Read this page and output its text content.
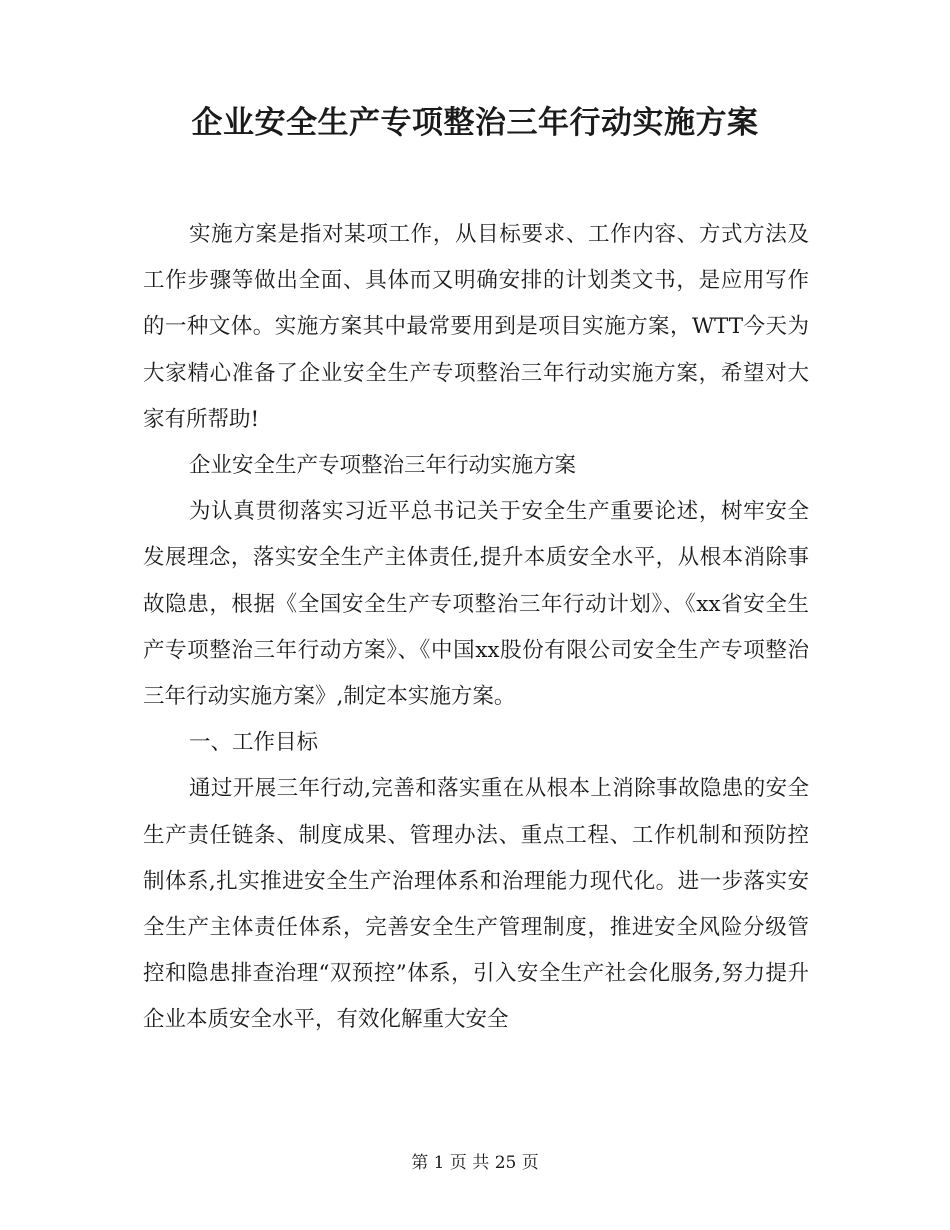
企业安全生产专项整治三年行动实施方案

实施方案是指对某项工作，从目标要求、工作内容、方式方法及工作步骤等做出全面、具体而又明确安排的计划类文书，是应用写作的一种文体。实施方案其中最常要用到是项目实施方案，WTT今天为大家精心准备了企业安全生产专项整治三年行动实施方案，希望对大家有所帮助!

企业安全生产专项整治三年行动实施方案

为认真贯彻落实习近平总书记关于安全生产重要论述，树牢安全发展理念，落实安全生产主体责任,提升本质安全水平，从根本消除事故隐患，根据《全国安全生产专项整治三年行动计划》、《xx省安全生产专项整治三年行动方案》、《中国xx股份有限公司安全生产专项整治三年行动实施方案》,制定本实施方案。

一、工作目标

通过开展三年行动,完善和落实重在从根本上消除事故隐患的安全生产责任链条、制度成果、管理办法、重点工程、工作机制和预防控制体系,扎实推进安全生产治理体系和治理能力现代化。进一步落实安全生产主体责任体系，完善安全生产管理制度，推进安全风险分级管控和隐患排查治理“双预控”体系，引入安全生产社会化服务,努力提升企业本质安全水平，有效化解重大安全

第 1 页 共 25 页
